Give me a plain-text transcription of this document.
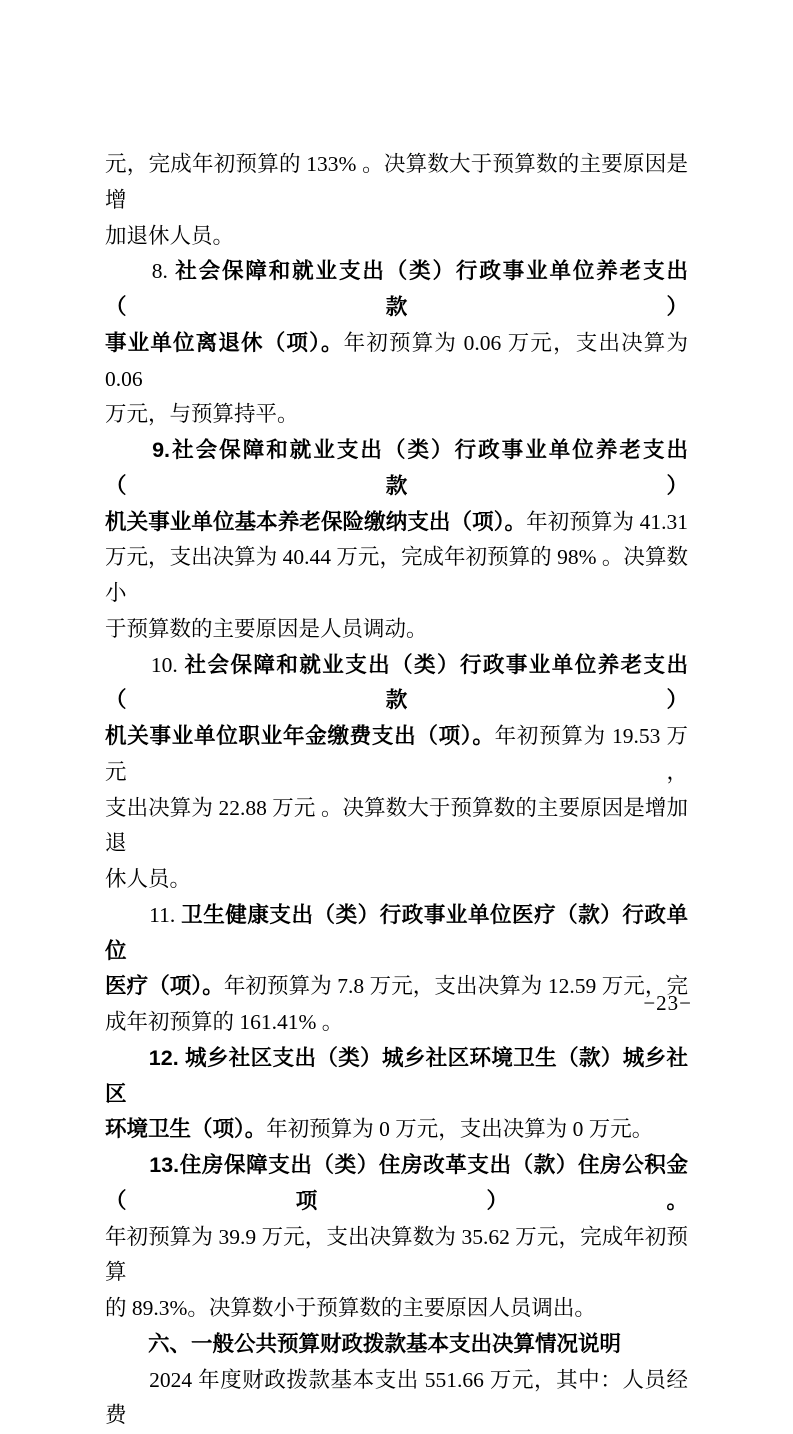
元，完成年初预算的 133% 。决算数大于预算数的主要原因是增
加退休人员。
　　8. 社会保障和就业支出（类）行政事业单位养老支出（款）
事业单位离退休（项）。年初预算为 0.06 万元，支出决算为 0.06
万元，与预算持平。
　　9.社会保障和就业支出（类）行政事业单位养老支出（款）
机关事业单位基本养老保险缴纳支出（项）。年初预算为 41.31
万元，支出决算为 40.44 万元，完成年初预算的 98% 。决算数小
于预算数的主要原因是人员调动。
　　10. 社会保障和就业支出（类）行政事业单位养老支出（款）
机关事业单位职业年金缴费支出（项）。年初预算为 19.53 万元，
支出决算为 22.88 万元 。决算数大于预算数的主要原因是增加退
休人员。
　　11. 卫生健康支出（类）行政事业单位医疗（款）行政单位
医疗（项）。年初预算为 7.8 万元，支出决算为 12.59 万元，完
成年初预算的 161.41% 。
　　12. 城乡社区支出（类）城乡社区环境卫生（款）城乡社区
环境卫生（项）。年初预算为 0 万元，支出决算为 0 万元。
　　13.住房保障支出（类）住房改革支出（款）住房公积金（项）。
年初预算为 39.9 万元，支出决算数为 35.62 万元，完成年初预算
的 89.3%。决算数小于预算数的主要原因人员调出。
　　六、一般公共预算财政拨款基本支出决算情况说明
　　2024 年度财政拨款基本支出 551.66 万元，其中：人员经费
−23−
